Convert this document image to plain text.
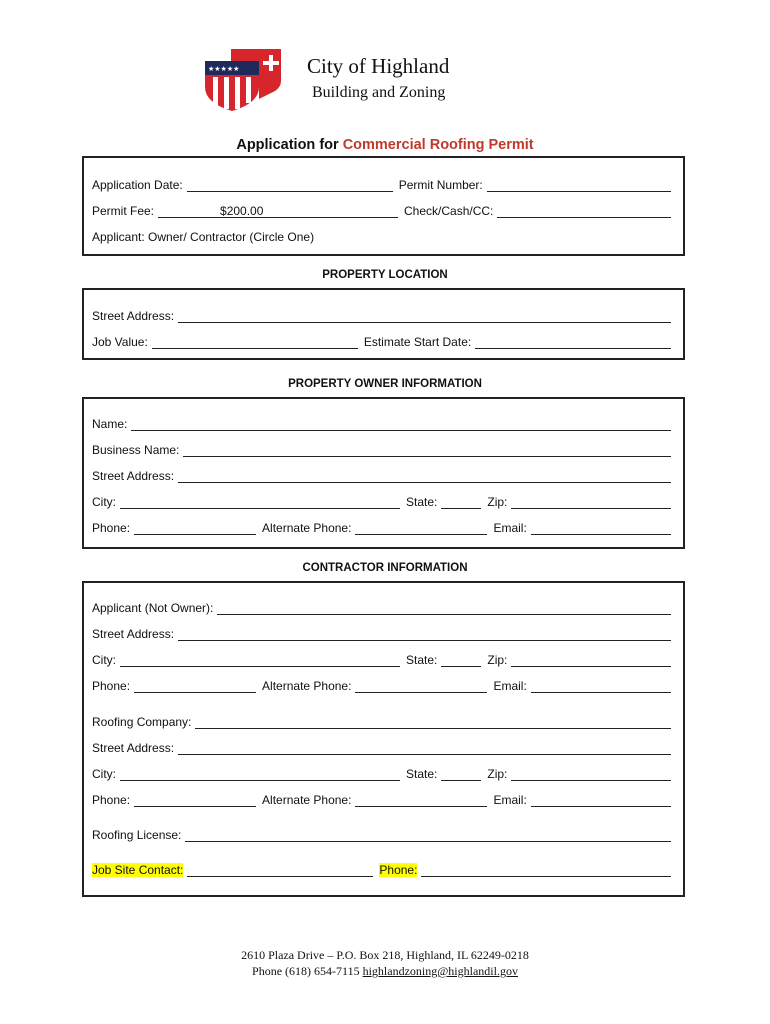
★★★★★	City of Highland
Building and Zoning
Application for Commercial Roofing Permit
Application Date:	Permit Number:
Permit Fee:	$200.00	Check/Cash/CC:
Applicant: Owner/ Contractor (Circle One)
PROPERTY LOCATION
Street Address:
Job Value:	Estimate Start Date:
PROPERTY OWNER INFORMATION
Name:
Business Name:
Street Address:
City:	State:	Zip:
Phone:	Alternate Phone:	Email:
CONTRACTOR INFORMATION
Applicant (Not Owner):
Street Address:
City:	State:	Zip:
Phone:	Alternate Phone:	Email:
Roofing Company:
Street Address:
City:	State:	Zip:
Phone:	Alternate Phone:	Email:
Roofing License:
Job Site Contact:	Phone:
2610 Plaza Drive – P.O. Box 218, Highland, IL 62249-0218
Phone (618) 654-7115 highlandzoning@highlandil.gov
